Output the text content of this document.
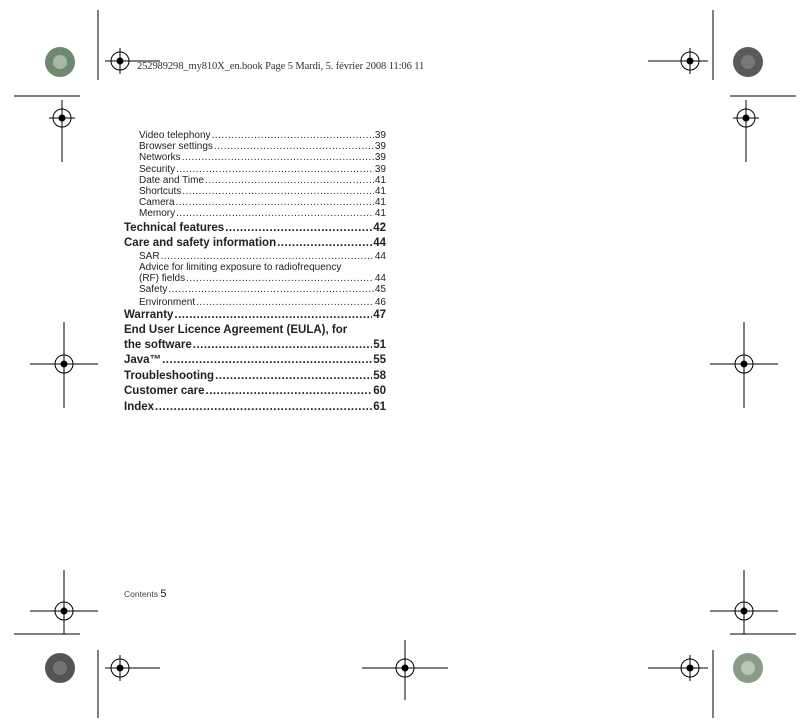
252989298_my810X_en.book Page 5 Mardi, 5. février 2008 11:06 11
Video telephony .....	39
Browser settings .....	39
Networks .....	39
Security .....	39
Date and Time .....	41
Shortcuts .....	41
Camera .....	41
Memory .....	41
Technical features .....	42
Care and safety information .....	44
SAR .....	44
Advice for limiting exposure to radiofrequency
(RF) fields .....	44
Safety .....	45
Environment .....	46
Warranty .....	47
End User Licence Agreement (EULA), for
the software .....	51
Java™ .....	55
Troubleshooting .....	58
Customer care .....	60
Index .....	61
Contents 5
